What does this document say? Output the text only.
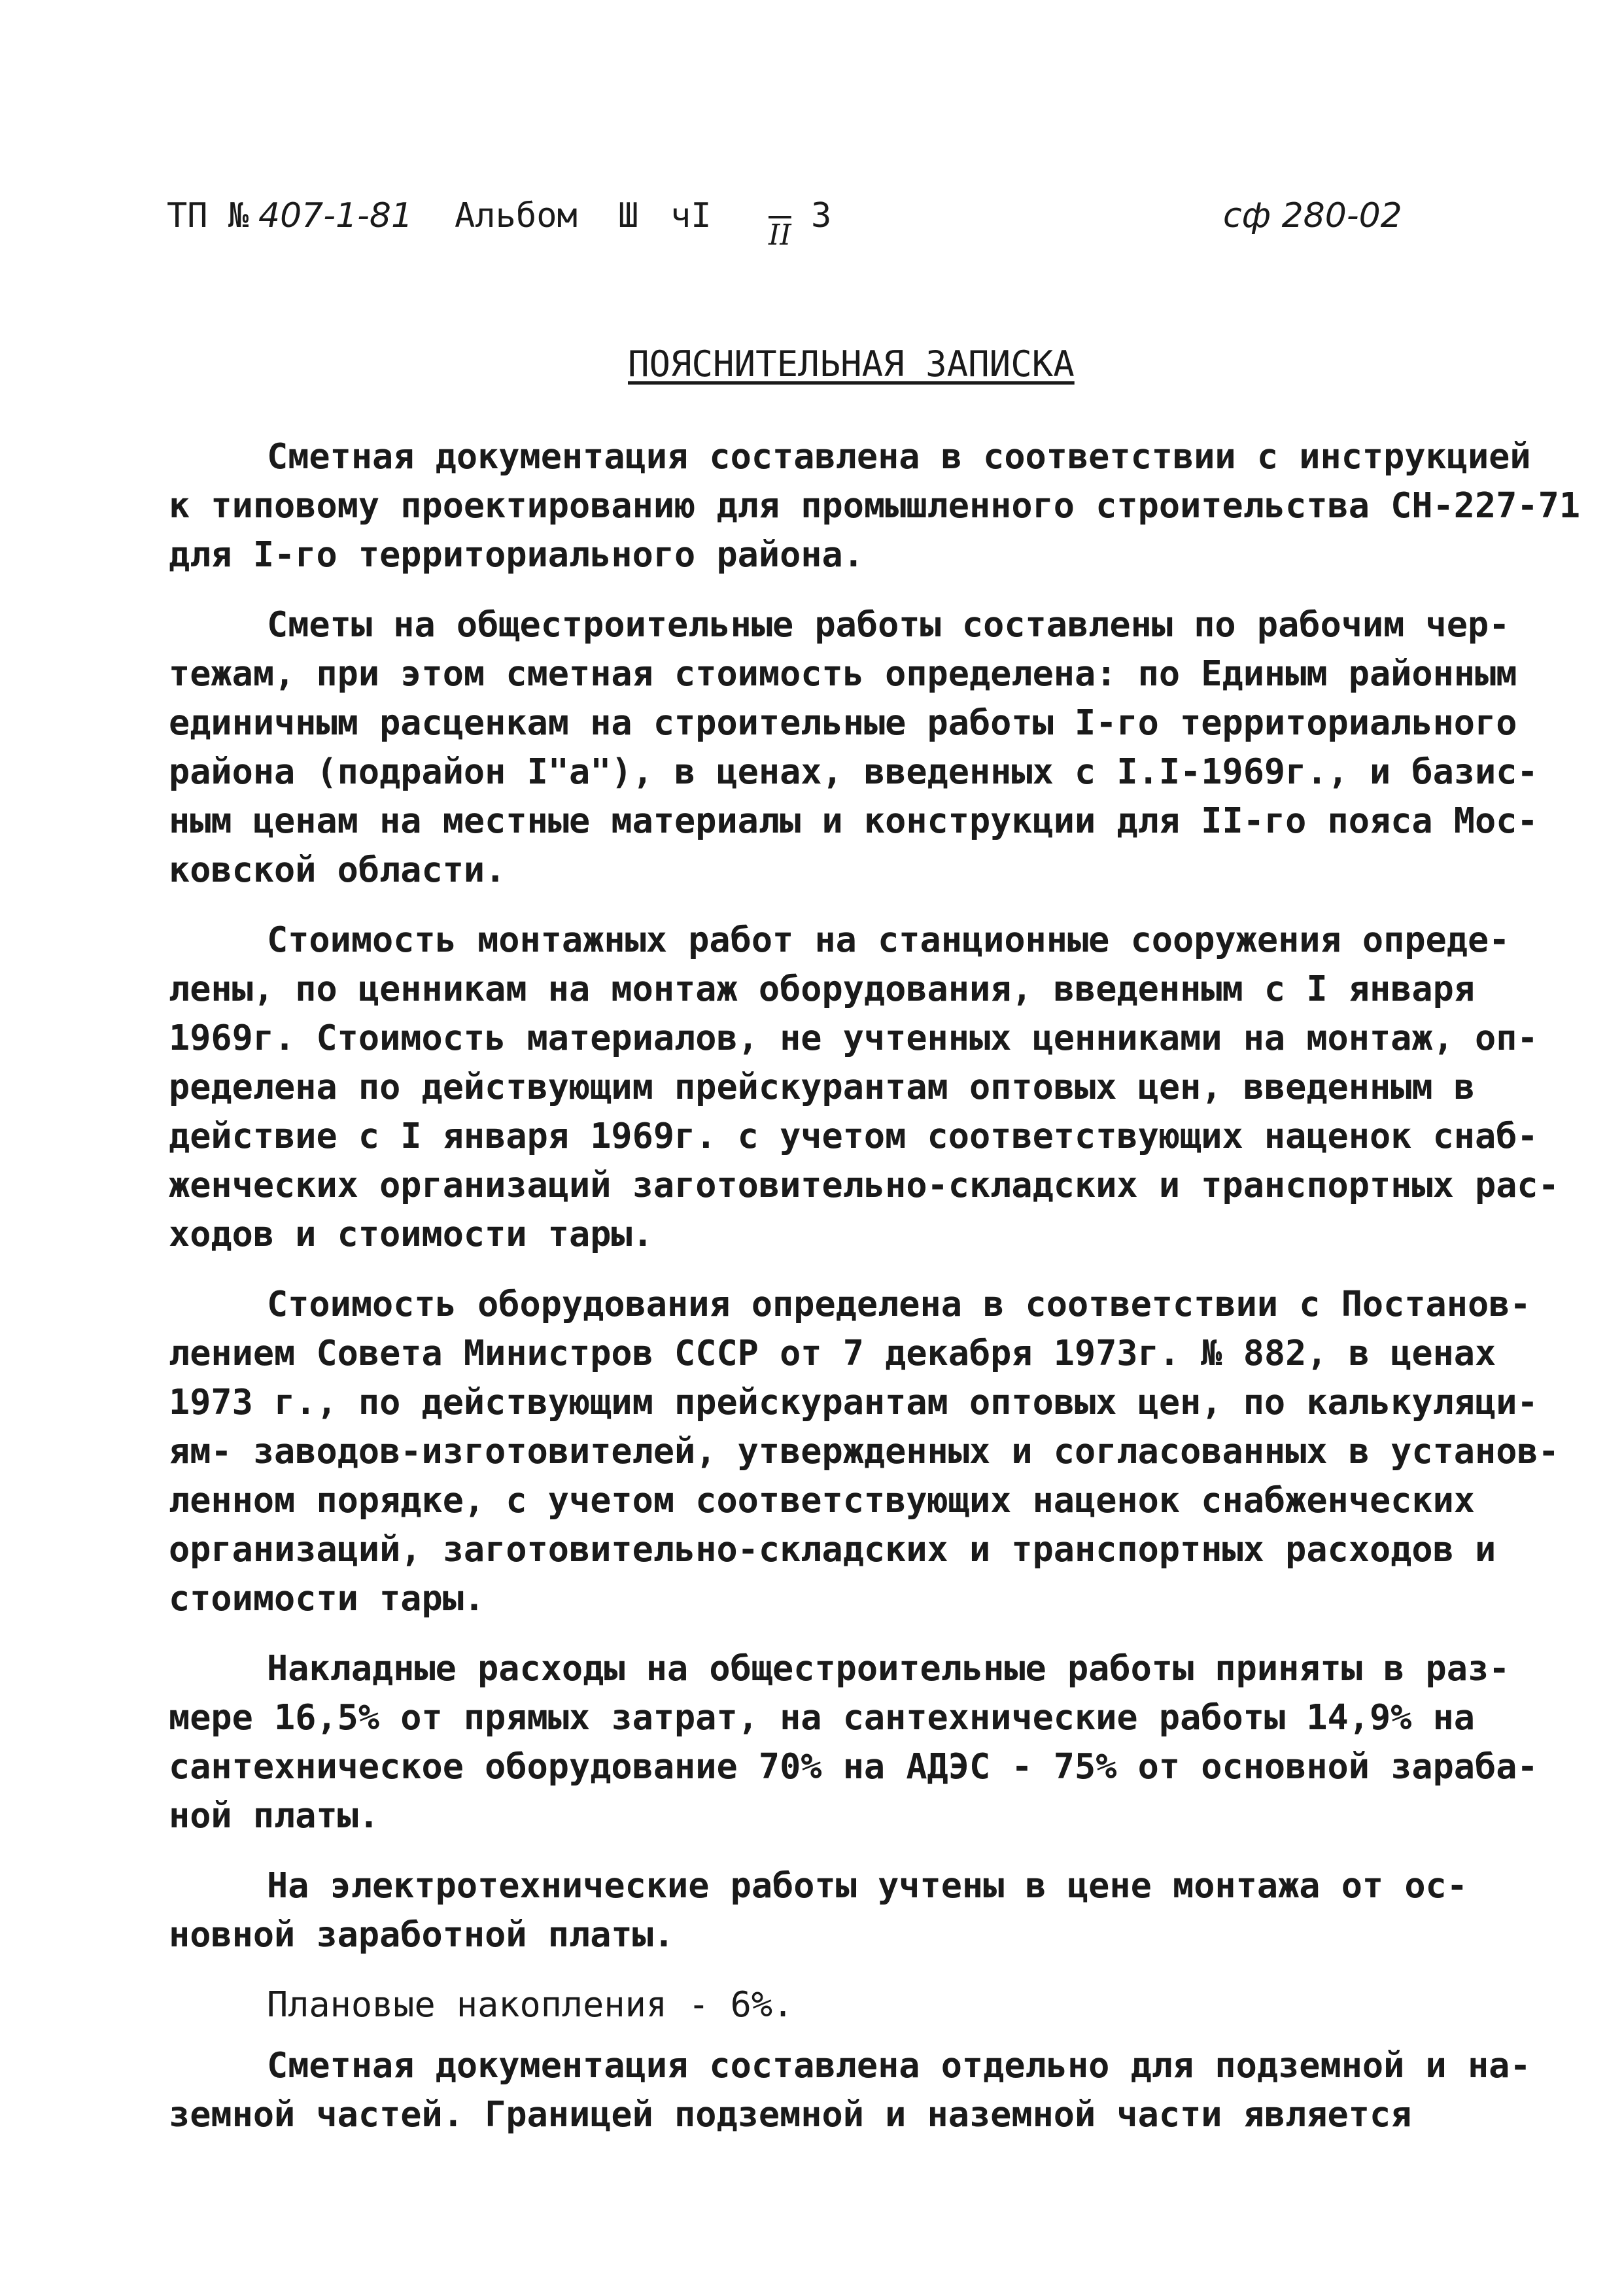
ТП № 407-1-81 Альбом	$\overline{II}$
Ш чI	3	сф 280-02
ПОЯСНИТЕЛЬНАЯ ЗАПИСКА
Сметная документация составлена в соответствии с инструкцией
к типовому проектированию для промышленного строительства СН-227-71
для I-го территориального района.
Сметы на общестроительные работы составлены по рабочим чер-
тежам, при этом сметная стоимость определена: по Единым районным
единичным расценкам на строительные работы I-го территориального
района (подрайон I"а"), в ценах, введенных с I.I-1969г., и базис-
ным ценам на местные материалы и конструкции для II-го пояса Мос-
ковской области.
Стоимость монтажных работ на станционные сооружения опреде-
лены, по ценникам на монтаж оборудования, введенным с I января
1969г. Стоимость материалов, не учтенных ценниками на монтаж, оп-
ределена по действующим прейскурантам оптовых цен, введенным в
действие с I января 1969г. с учетом соответствующих наценок снаб-
женческих организаций заготовительно-складских и транспортных рас-
ходов и стоимости тары.
Стоимость оборудования определена в соответствии с Постанов-
лением Совета Министров СССР от 7 декабря 1973г. № 882, в ценах
1973 г., по действующим прейскурантам оптовых цен, по калькуляци-
ям- заводов-изготовителей, утвержденных и согласованных в установ-
ленном порядке, с учетом соответствующих наценок снабженческих
организаций, заготовительно-складских и транспортных расходов и
стоимости тары.
Накладные расходы на общестроительные работы приняты в раз-
мере 16,5% от прямых затрат, на сантехнические работы 14,9% на
сантехническое оборудование 70% на АДЭС - 75% от основной зараба-
ной платы.
На электротехнические работы учтены в цене монтажа от ос-
новной заработной платы.
Плановые накопления - 6%.
Сметная документация составлена отдельно для подземной и на-
земной частей. Границей подземной и наземной части является
